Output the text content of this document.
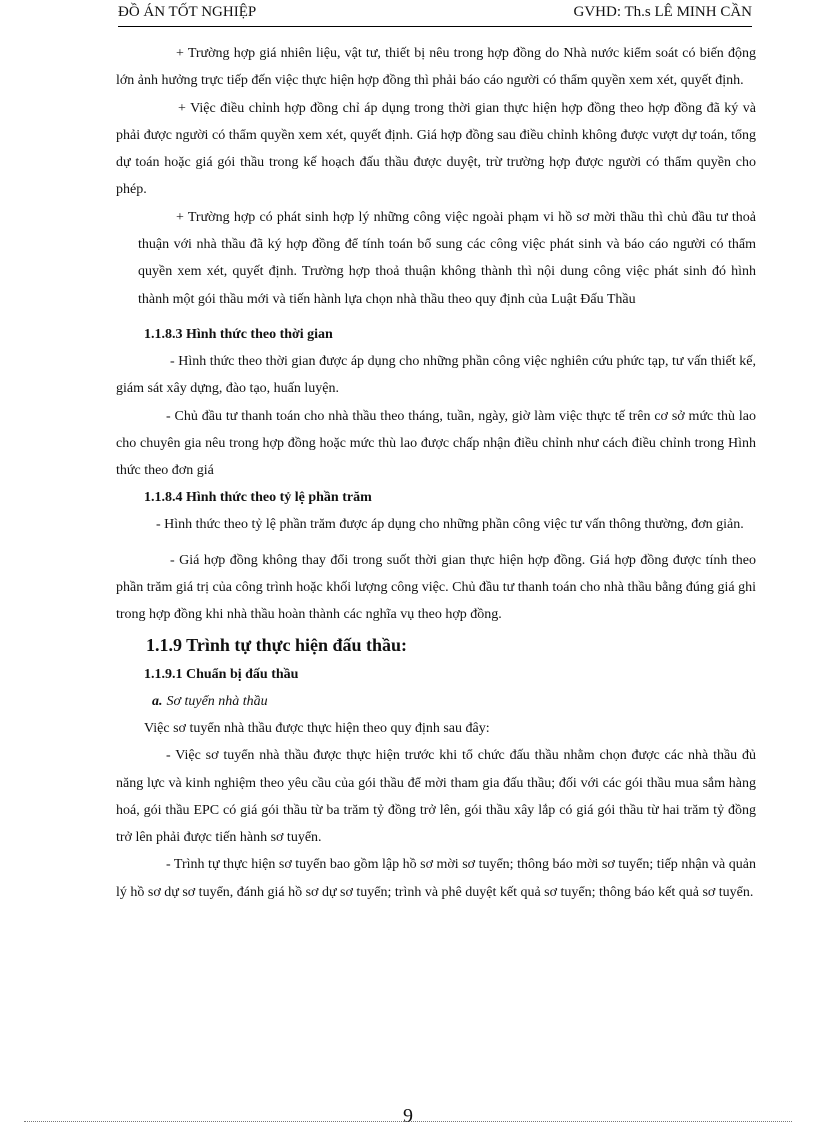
ĐỒ ÁN TỐT NGHIỆP	GVHD: Th.s LÊ MINH CẦN

+ Trường hợp giá nhiên liệu, vật tư, thiết bị nêu trong hợp đồng do Nhà nước kiểm soát có biến động lớn ảnh hưởng trực tiếp đến việc thực hiện hợp đồng thì phải báo cáo người có thẩm quyền xem xét, quyết định.

+ Việc điều chỉnh hợp đồng chỉ áp dụng trong thời gian thực hiện hợp đồng theo hợp đồng đã ký và phải được người có thẩm quyền xem xét, quyết định. Giá hợp đồng sau điều chỉnh không được vượt dự toán, tổng dự toán hoặc giá gói thầu trong kế hoạch đấu thầu được duyệt, trừ trường hợp được người có thẩm quyền cho phép.

+ Trường hợp có phát sinh hợp lý những công việc ngoài phạm vi hồ sơ mời thầu thì chủ đầu tư thoả thuận với nhà thầu đã ký hợp đồng để tính toán bổ sung các công việc phát sinh và báo cáo người có thẩm quyền xem xét, quyết định. Trường hợp thoả thuận không thành thì nội dung công việc phát sinh đó hình thành một gói thầu mới và tiến hành lựa chọn nhà thầu theo quy định của Luật Đấu Thầu

1.1.8.3 Hình thức theo thời gian

- Hình thức theo thời gian được áp dụng cho những phần công việc nghiên cứu phức tạp, tư vấn thiết kế, giám sát xây dựng, đào tạo, huấn luyện.

- Chủ đầu tư thanh toán cho nhà thầu theo tháng, tuần, ngày, giờ làm việc thực tế trên cơ sở mức thù lao cho chuyên gia nêu trong hợp đồng hoặc mức thù lao được chấp nhận điều chỉnh như cách điều chỉnh trong Hình thức theo đơn giá

1.1.8.4 Hình thức theo tỷ lệ phần trăm

- Hình thức theo tỷ lệ phần trăm được áp dụng cho những phần công việc tư vấn thông thường, đơn giản.

- Giá hợp đồng không thay đổi trong suốt thời gian thực hiện hợp đồng. Giá hợp đồng được tính theo phần trăm giá trị của công trình hoặc khối lượng công việc. Chủ đầu tư thanh toán cho nhà thầu bằng đúng giá ghi trong hợp đồng khi nhà thầu hoàn thành các nghĩa vụ theo hợp đồng.

1.1.9 Trình tự thực hiện đấu thầu:

1.1.9.1 Chuẩn bị đấu thầu

a. Sơ tuyển nhà thầu

Việc sơ tuyển nhà thầu được thực hiện theo quy định sau đây:

- Việc sơ tuyển nhà thầu được thực hiện trước khi tổ chức đấu thầu nhằm chọn được các nhà thầu đủ năng lực và kinh nghiệm theo yêu cầu của gói thầu để mời tham gia đấu thầu; đối với các gói thầu mua sắm hàng hoá, gói thầu EPC có giá gói thầu từ ba trăm tỷ đồng trở lên, gói thầu xây lắp có giá gói thầu từ hai trăm tỷ đồng trở lên phải được tiến hành sơ tuyển.

- Trình tự thực hiện sơ tuyển bao gồm lập hồ sơ mời sơ tuyển; thông báo mời sơ tuyển; tiếp nhận và quản lý hồ sơ dự sơ tuyển, đánh giá hồ sơ dự sơ tuyển; trình và phê duyệt kết quả sơ tuyển; thông báo kết quả sơ tuyển.

9
